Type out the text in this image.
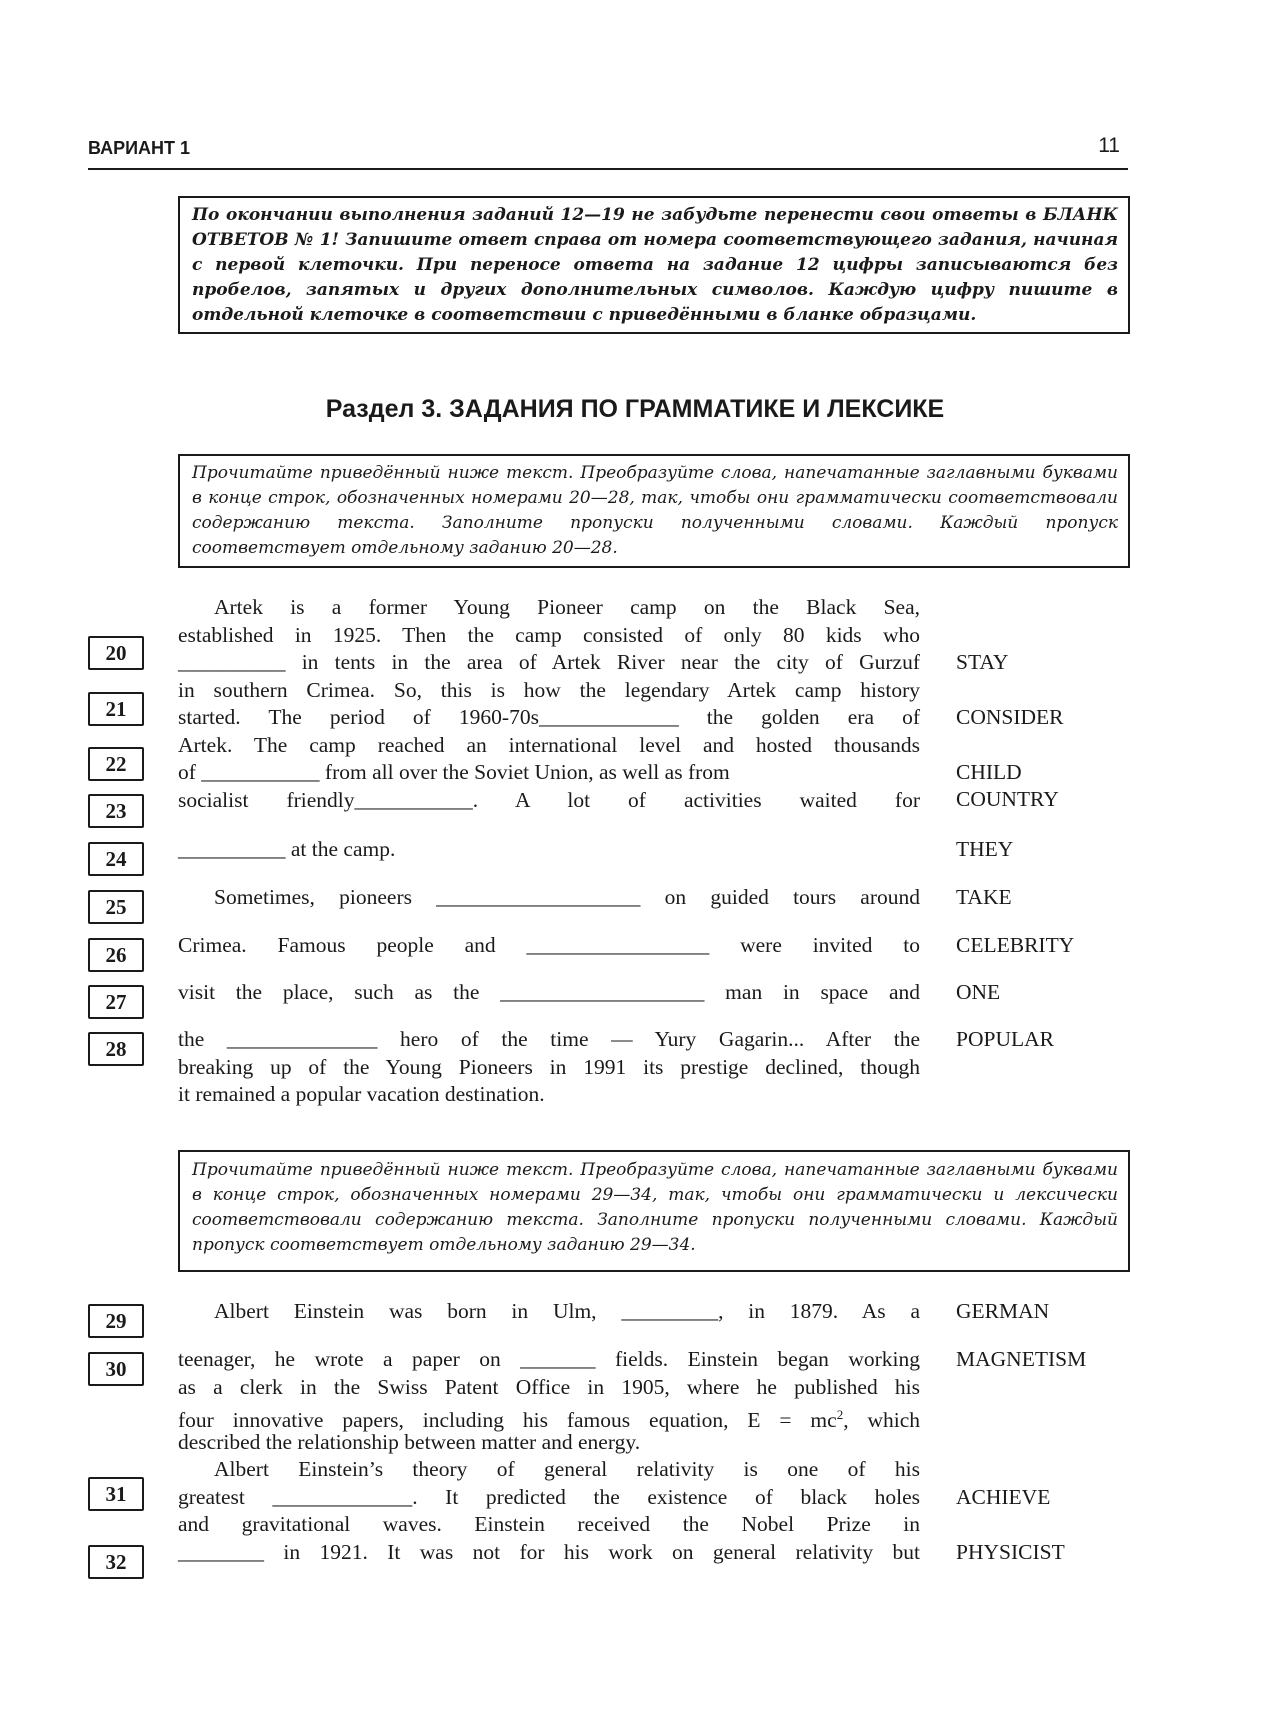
ВАРИАНТ 1	11
По окончании выполнения заданий 12—19 не забудьте перенести свои ответы в БЛАНК ОТВЕТОВ № 1! Запишите ответ справа от номера соответствующего задания, начиная с первой клеточки. При переносе ответа на задание 12 цифры записываются без пробелов, запятых и других дополнительных символов. Каждую цифру пишите в отдельной клеточке в соответствии с приведёнными в бланке образцами.
Раздел 3. ЗАДАНИЯ ПО ГРАММАТИКЕ И ЛЕКСИКЕ
Прочитайте приведённый ниже текст. Преобразуйте слова, напечатанные заглавными буквами в конце строк, обозначенных номерами 20—28, так, чтобы они грамматически соответствовали содержанию текста. Заполните пропуски полученными словами. Каждый пропуск соответствует отдельному заданию 20—28.
Artek is a former Young Pioneer camp on the Black Sea,
established in 1925. Then the camp consisted of only 80 kids who
__________ in tents in the area of Artek River near the city of Gurzuf
in southern Crimea. So, this is how the legendary Artek camp history
started. The period of 1960-70s_____________ the golden era of
Artek. The camp reached an international level and hosted thousands
of ___________ from all over the Soviet Union, as well as from
socialist friendly___________. A lot of activities waited for
__________ at the camp.
Sometimes, pioneers ___________________ on guided tours around
Crimea. Famous people and _________________ were invited to
visit the place, such as the ___________________ man in space and
the ______________ hero of the time — Yury Gagarin... After the
breaking up of the Young Pioneers in 1991 its prestige declined, though
it remained a popular vacation destination.
Прочитайте приведённый ниже текст. Преобразуйте слова, напечатанные заглавными буквами в конце строк, обозначенных номерами 29—34, так, чтобы они грамматически и лексически соответствовали содержанию текста. Заполните пропуски полученными словами. Каждый пропуск соответствует отдельному заданию 29—34.
Albert Einstein was born in Ulm, _________, in 1879. As a
teenager, he wrote a paper on _______ fields. Einstein began working
as a clerk in the Swiss Patent Office in 1905, where he published his
four innovative papers, including his famous equation, $E = mc^2$, which
described the relationship between matter and energy.
Albert Einstein’s theory of general relativity is one of his
greatest _____________. It predicted the existence of black holes
and gravitational waves. Einstein received the Nobel Prize in
________ in 1921. It was not for his work on general relativity but
20
21
22
23
24
25
26
27
28
29
30
31
32
STAY
CONSIDER
CHILD
COUNTRY
THEY
TAKE
CELEBRITY
ONE
POPULAR
GERMAN
MAGNETISM
ACHIEVE
PHYSICIST
